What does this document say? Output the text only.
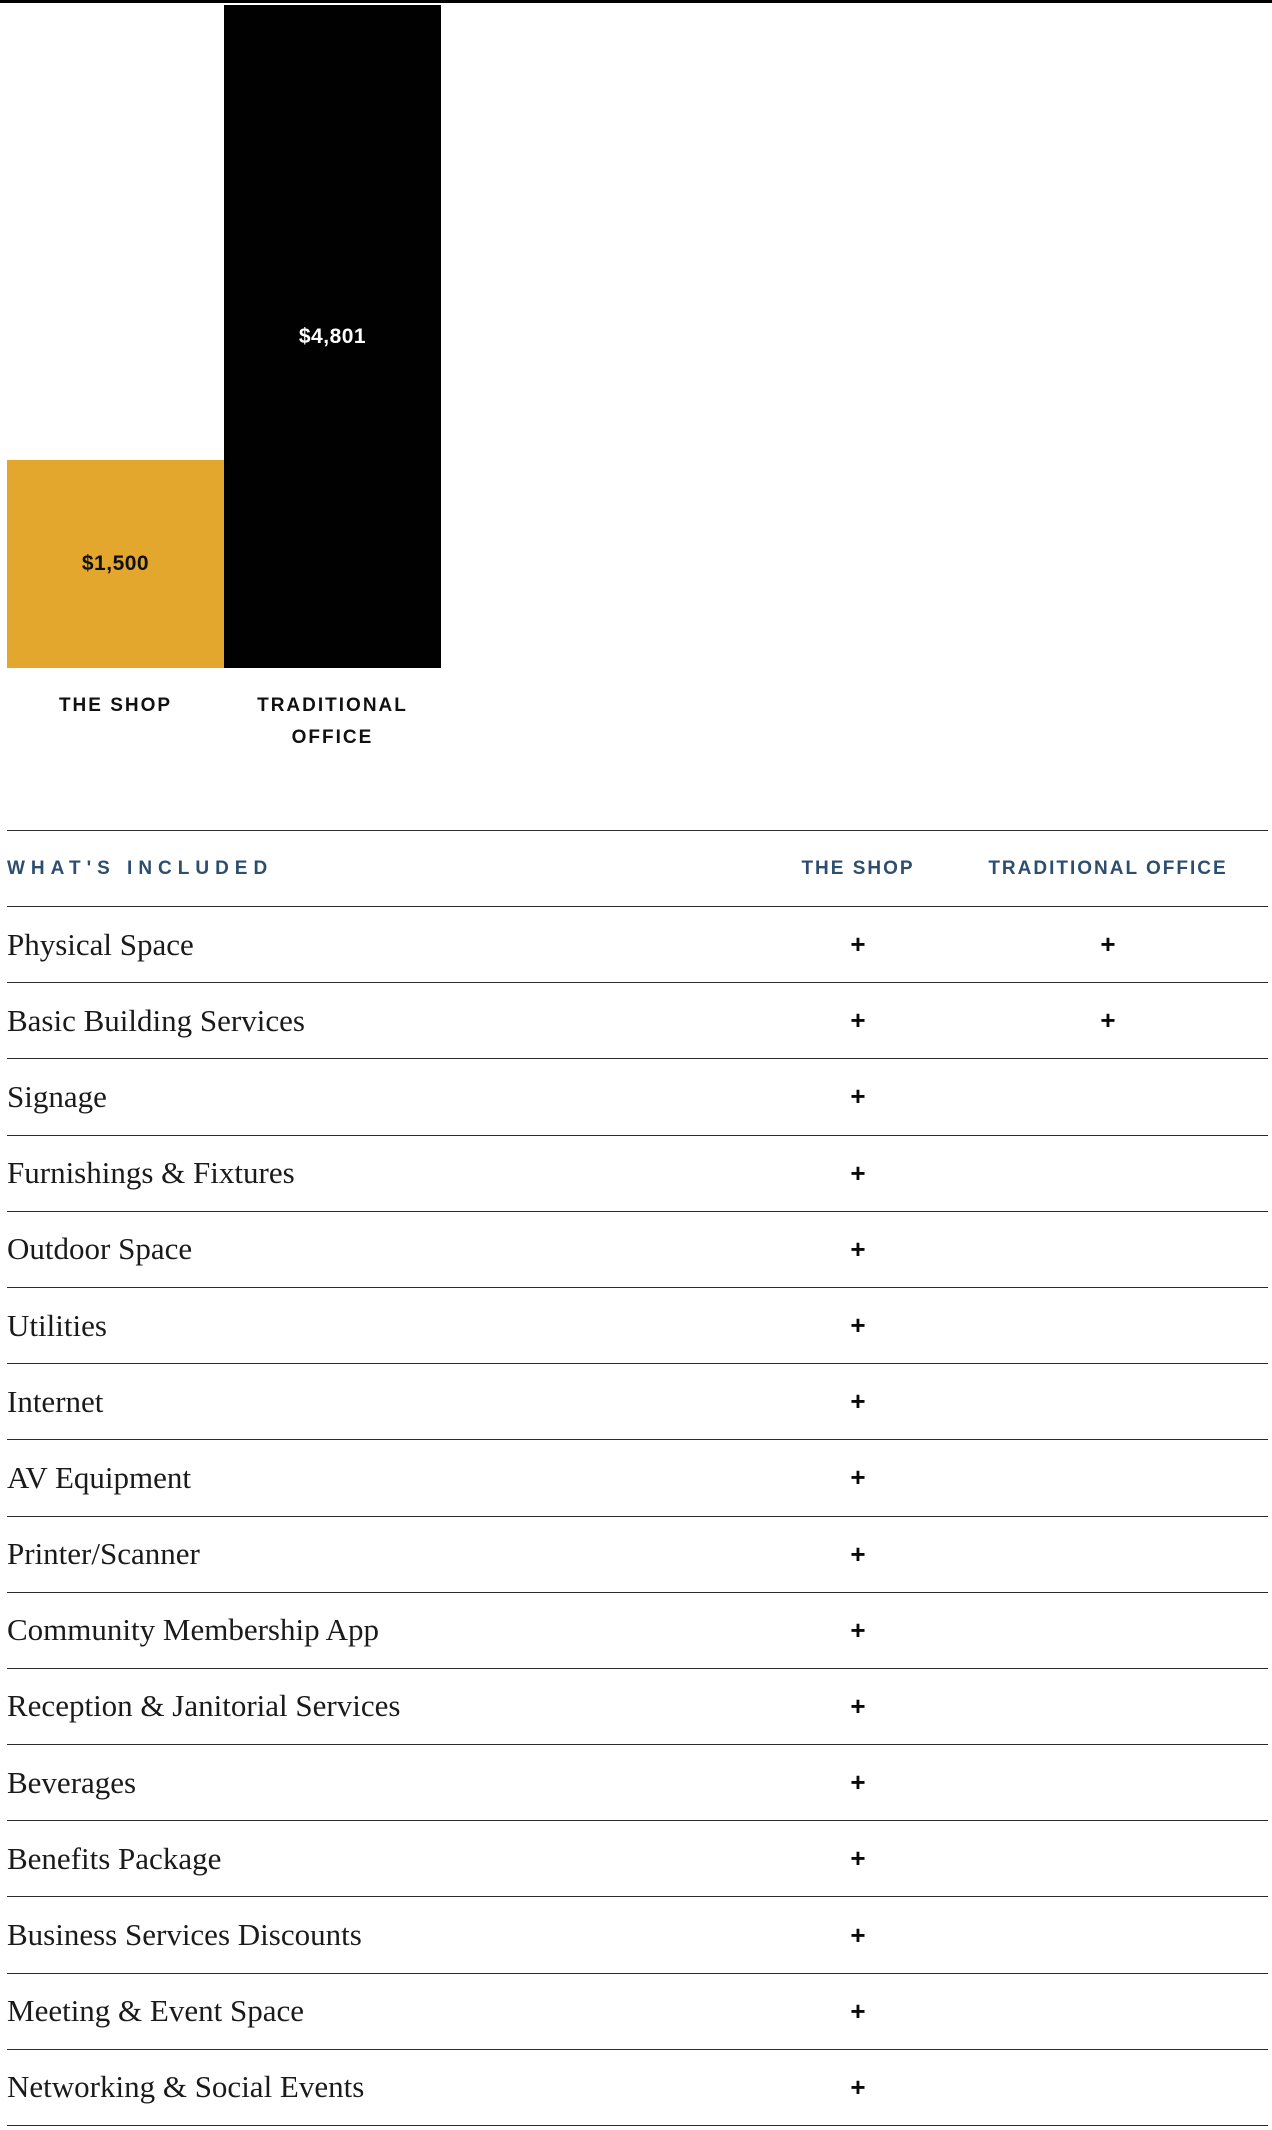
$1,500
$4,801
THE SHOP	TRADITIONAL OFFICE
WHAT'S INCLUDED	THE SHOP	TRADITIONAL OFFICE
Physical Space	+	+
Basic Building Services	+	+
Signage	+	
Furnishings & Fixtures	+	
Outdoor Space	+	
Utilities	+	
Internet	+	
AV Equipment	+	
Printer/Scanner	+	
Community Membership App	+	
Reception & Janitorial Services	+	
Beverages	+	
Benefits Package	+	
Business Services Discounts	+	
Meeting & Event Space	+	
Networking & Social Events	+	
